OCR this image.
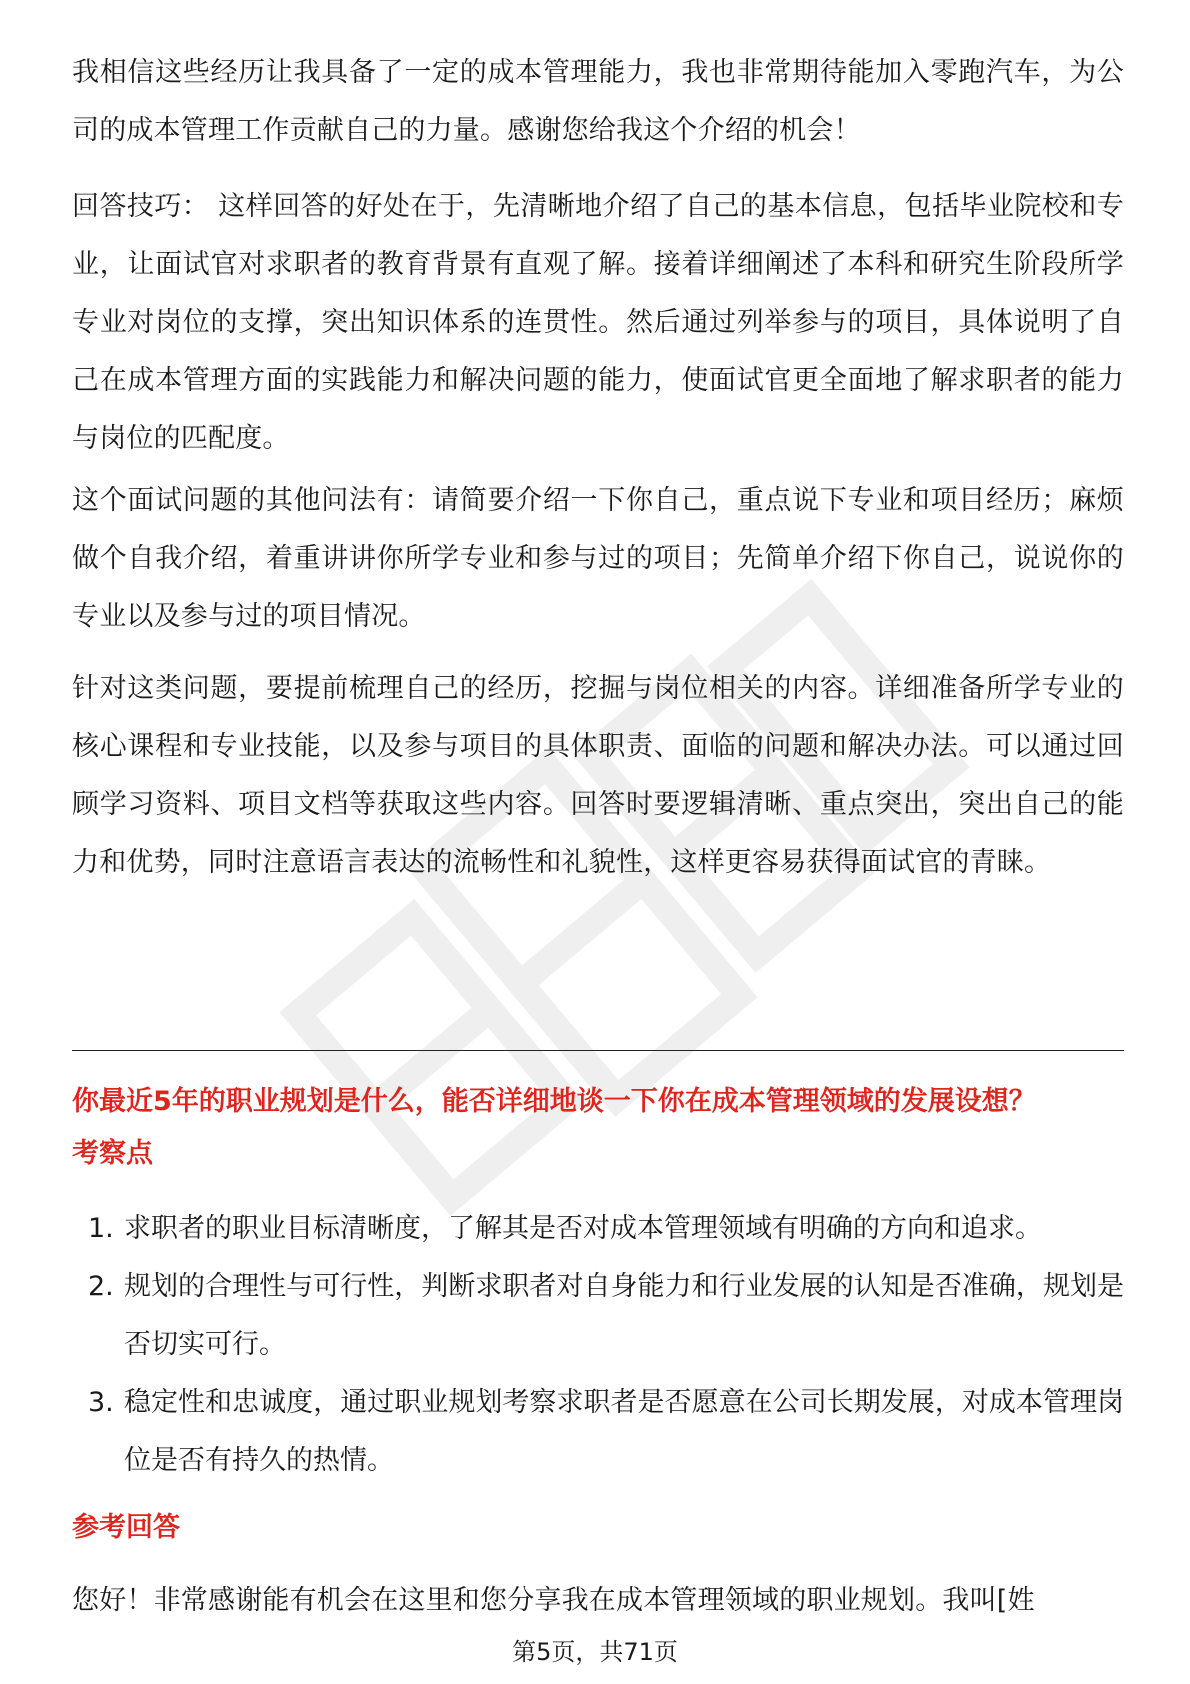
我相信这些经历让我具备了一定的成本管理能力，我也非常期待能加入零跑汽车，为公司的成本管理工作贡献自己的力量。感谢您给我这个介绍的机会！

回答技巧： 这样回答的好处在于，先清晰地介绍了自己的基本信息，包括毕业院校和专业，让面试官对求职者的教育背景有直观了解。接着详细阐述了本科和研究生阶段所学专业对岗位的支撑，突出知识体系的连贯性。然后通过列举参与的项目，具体说明了自己在成本管理方面的实践能力和解决问题的能力，使面试官更全面地了解求职者的能力与岗位的匹配度。

这个面试问题的其他问法有：请简要介绍一下你自己，重点说下专业和项目经历；麻烦做个自我介绍，着重讲讲你所学专业和参与过的项目；先简单介绍下你自己，说说你的专业以及参与过的项目情况。

针对这类问题，要提前梳理自己的经历，挖掘与岗位相关的内容。详细准备所学专业的核心课程和专业技能，以及参与项目的具体职责、面临的问题和解决办法。可以通过回顾学习资料、项目文档等获取这些内容。回答时要逻辑清晰、重点突出，突出自己的能力和优势，同时注意语言表达的流畅性和礼貌性，这样更容易获得面试官的青睐。

你最近5年的职业规划是什么，能否详细地谈一下你在成本管理领域的发展设想？

考察点

1. 求职者的职业目标清晰度，了解其是否对成本管理领域有明确的方向和追求。
2. 规划的合理性与可行性，判断求职者对自身能力和行业发展的认知是否准确，规划是否切实可行。
3. 稳定性和忠诚度，通过职业规划考察求职者是否愿意在公司长期发展，对成本管理岗位是否有持久的热情。

参考回答

您好！非常感谢能有机会在这里和您分享我在成本管理领域的职业规划。我叫[姓

第5页，共71页
